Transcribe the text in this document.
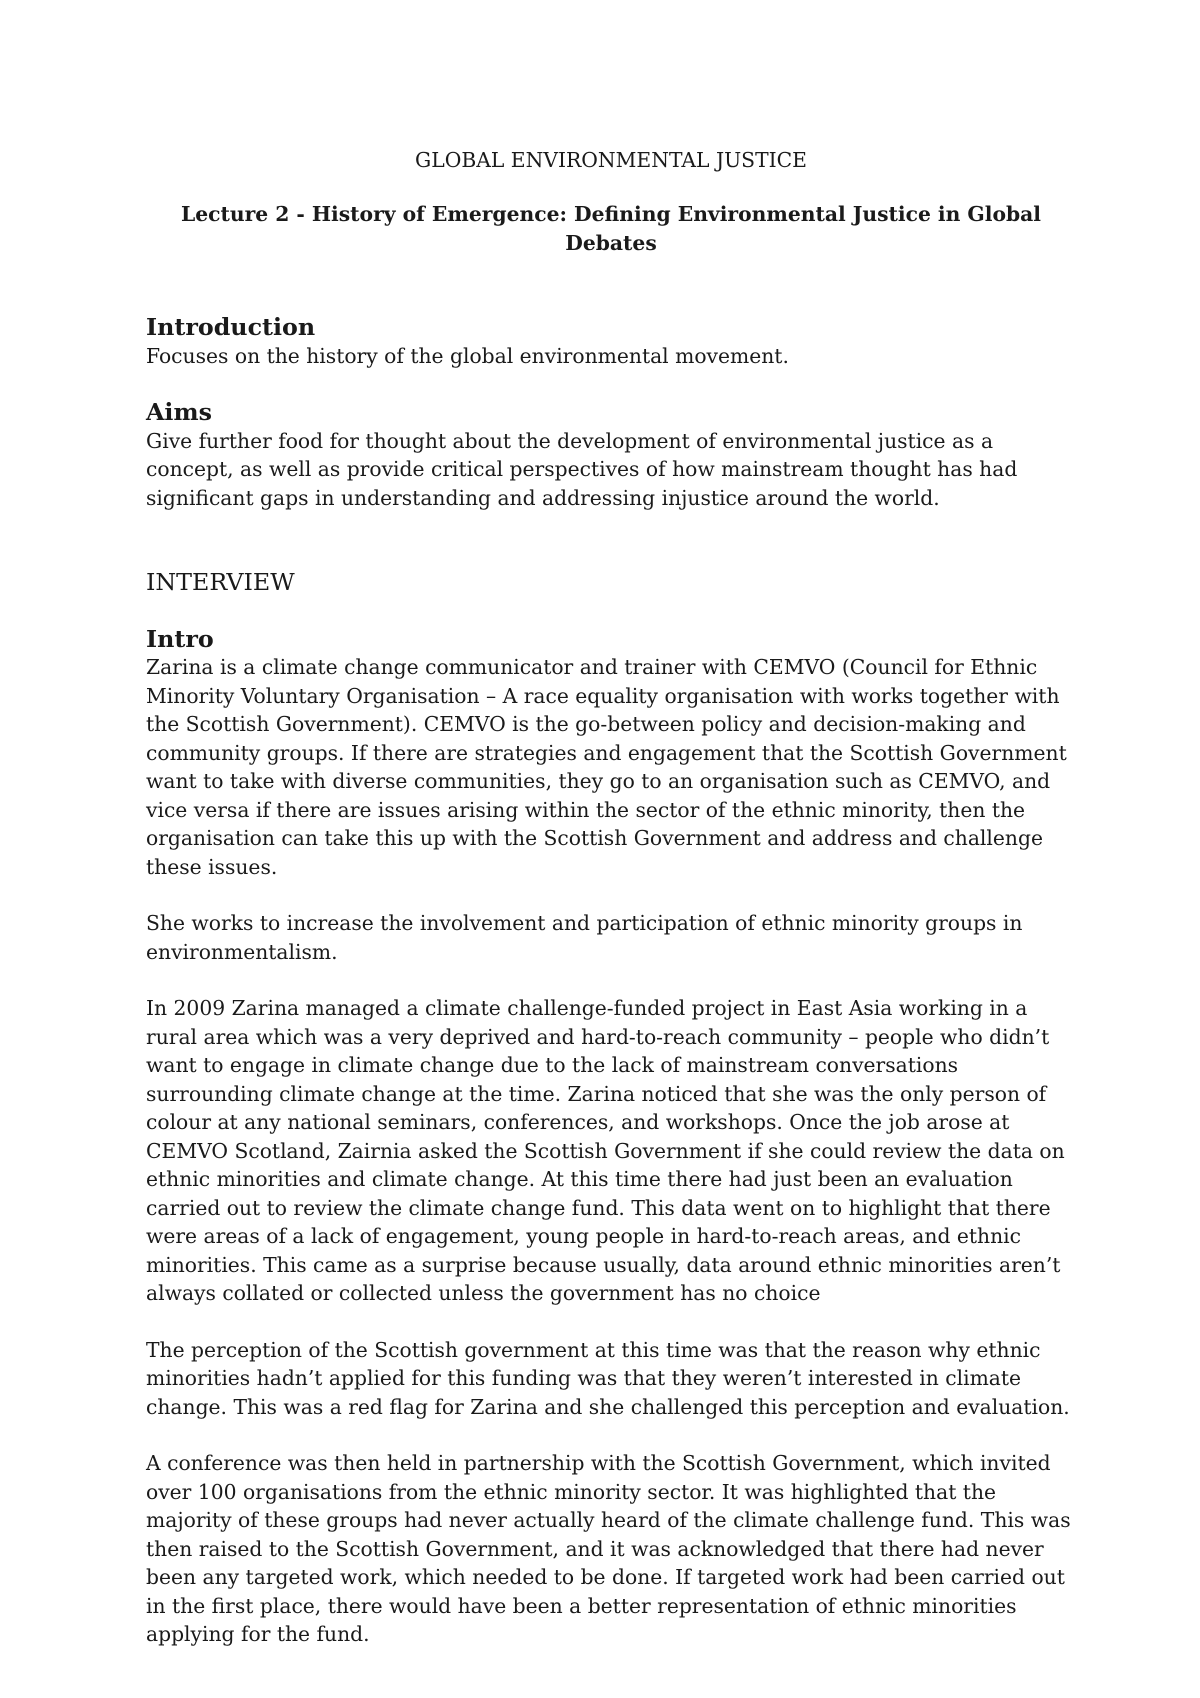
GLOBAL ENVIRONMENTAL JUSTICE
Lecture 2 - History of Emergence: Defining Environmental Justice in Global Debates
Introduction

Focuses on the history of the global environmental movement.

Aims

Give further food for thought about the development of environmental justice as a concept, as well as provide critical perspectives of how mainstream thought has had significant gaps in understanding and addressing injustice around the world.

INTERVIEW
Intro

Zarina is a climate change communicator and trainer with CEMVO (Council for Ethnic Minority Voluntary Organisation – A race equality organisation with works together with the Scottish Government). CEMVO is the go-between policy and decision-making and community groups. If there are strategies and engagement that the Scottish Government want to take with diverse communities, they go to an organisation such as CEMVO, and vice versa if there are issues arising within the sector of the ethnic minority, then the organisation can take this up with the Scottish Government and address and challenge these issues.

She works to increase the involvement and participation of ethnic minority groups in environmentalism.

In 2009 Zarina managed a climate challenge-funded project in East Asia working in a rural area which was a very deprived and hard-to-reach community – people who didn’t want to engage in climate change due to the lack of mainstream conversations surrounding climate change at the time. Zarina noticed that she was the only person of colour at any national seminars, conferences, and workshops. Once the job arose at CEMVO Scotland, Zairnia asked the Scottish Government if she could review the data on ethnic minorities and climate change. At this time there had just been an evaluation carried out to review the climate change fund. This data went on to highlight that there were areas of a lack of engagement, young people in hard-to-reach areas, and ethnic minorities. This came as a surprise because usually, data around ethnic minorities aren’t always collated or collected unless the government has no choice

The perception of the Scottish government at this time was that the reason why ethnic minorities hadn’t applied for this funding was that they weren’t interested in climate change. This was a red flag for Zarina and she challenged this perception and evaluation.

A conference was then held in partnership with the Scottish Government, which invited over 100 organisations from the ethnic minority sector. It was highlighted that the majority of these groups had never actually heard of the climate challenge fund. This was then raised to the Scottish Government, and it was acknowledged that there had never been any targeted work, which needed to be done. If targeted work had been carried out in the first place, there would have been a better representation of ethnic minorities applying for the fund.
